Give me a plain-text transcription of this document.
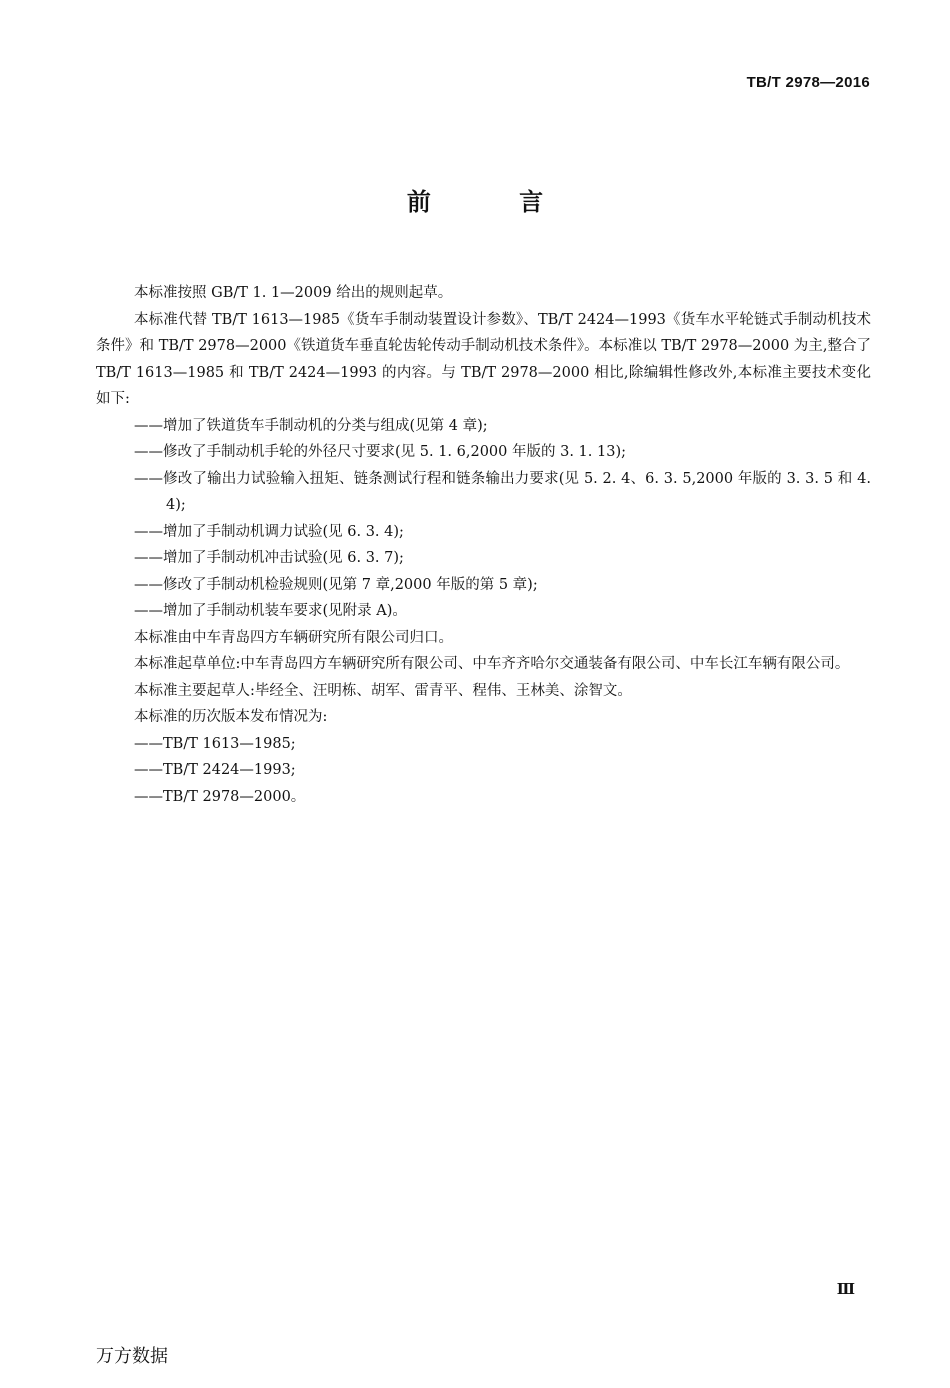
TB/T 2978—2016
前 言

本标准按照 GB/T 1. 1—2009 给出的规则起草。

本标准代替 TB/T 1613—1985《货车手制动装置设计参数》、TB/T 2424—1993《货车水平轮链式手制动机技术条件》和 TB/T 2978—2000《铁道货车垂直轮齿轮传动手制动机技术条件》。本标准以 TB/T 2978—2000 为主,整合了 TB/T 1613—1985 和 TB/T 2424—1993 的内容。与 TB/T 2978—2000 相比,除编辑性修改外,本标准主要技术变化如下:

——增加了铁道货车手制动机的分类与组成(见第 4 章);

——修改了手制动机手轮的外径尺寸要求(见 5. 1. 6,2000 年版的 3. 1. 13);

——修改了输出力试验输入扭矩、链条测试行程和链条输出力要求(见 5. 2. 4、6. 3. 5,2000 年版的 3. 3. 5 和 4. 4);

——增加了手制动机调力试验(见 6. 3. 4);

——增加了手制动机冲击试验(见 6. 3. 7);

——修改了手制动机检验规则(见第 7 章,2000 年版的第 5 章);

——增加了手制动机装车要求(见附录 A)。

本标准由中车青岛四方车辆研究所有限公司归口。

本标准起草单位:中车青岛四方车辆研究所有限公司、中车齐齐哈尔交通装备有限公司、中车长江车辆有限公司。

本标准主要起草人:毕经全、汪明栋、胡军、雷青平、程伟、王林美、涂智文。

本标准的历次版本发布情况为:

——TB/T 1613—1985;

——TB/T 2424—1993;

——TB/T 2978—2000。

Ⅲ
万方数据
